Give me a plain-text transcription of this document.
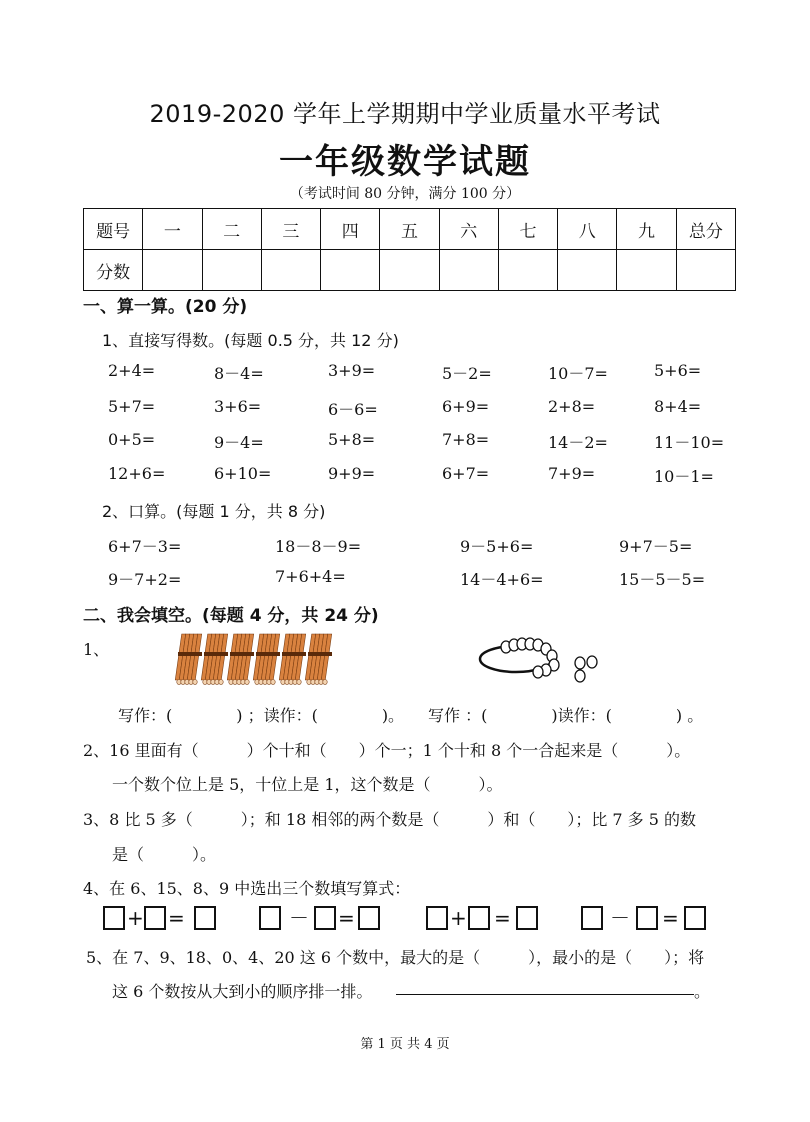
2019-2020 学年上学期期中学业质量水平考试
一年级数学试题
（考试时间 80 分钟，满分 100 分）
题号	一	二	三	四	五	六	七	八	九	总分
分数										
一、算一算。(20 分)
1、直接写得数。(每题 0.5 分，共 12 分)
2+4=	8－4=	3+9=	5－2=	10－7=	5+6=
5+7=	3+6=	6－6=	6+9=	2+8=	8+4=
0+5=	9－4=	5+8=	7+8=	14－2=	11－10=
12+6=	6+10=	9+9=	6+7=	7+9=	10－1=
2、口算。(每题 1 分，共 8 分)
6+7－3=	18－8－9=	9－5+6=	9+7－5=
9－7+2=	7+6+4=	14－4+6=	15－5－5=
二、我会填空。(每题 4 分，共 24 分)
1、
写作：(　　　　) ；读作：(　　　　)。　　写作 ：(　　　　)读作：(　　　　) 。
2、16 里面有（　　　）个十和（　　）个一；1 个十和 8 个一合起来是（　　　）。
一个数个位上是 5，十位上是 1，这个数是（　　　）。
3、8 比 5 多（　　　）；和 18 相邻的两个数是（　　　）和（　　）；比 7 多 5 的数
是（　　　）。
4、在 6、15、8、9 中选出三个数填写算式：
+ =	－ =	+ =	－ =
5、在 7、9、18、0、4、20 这 6 个数中，最大的是（　　　），最小的是（　　）；将
这 6 个数按从大到小的顺序排一排。	。
第 1 页 共 4 页
